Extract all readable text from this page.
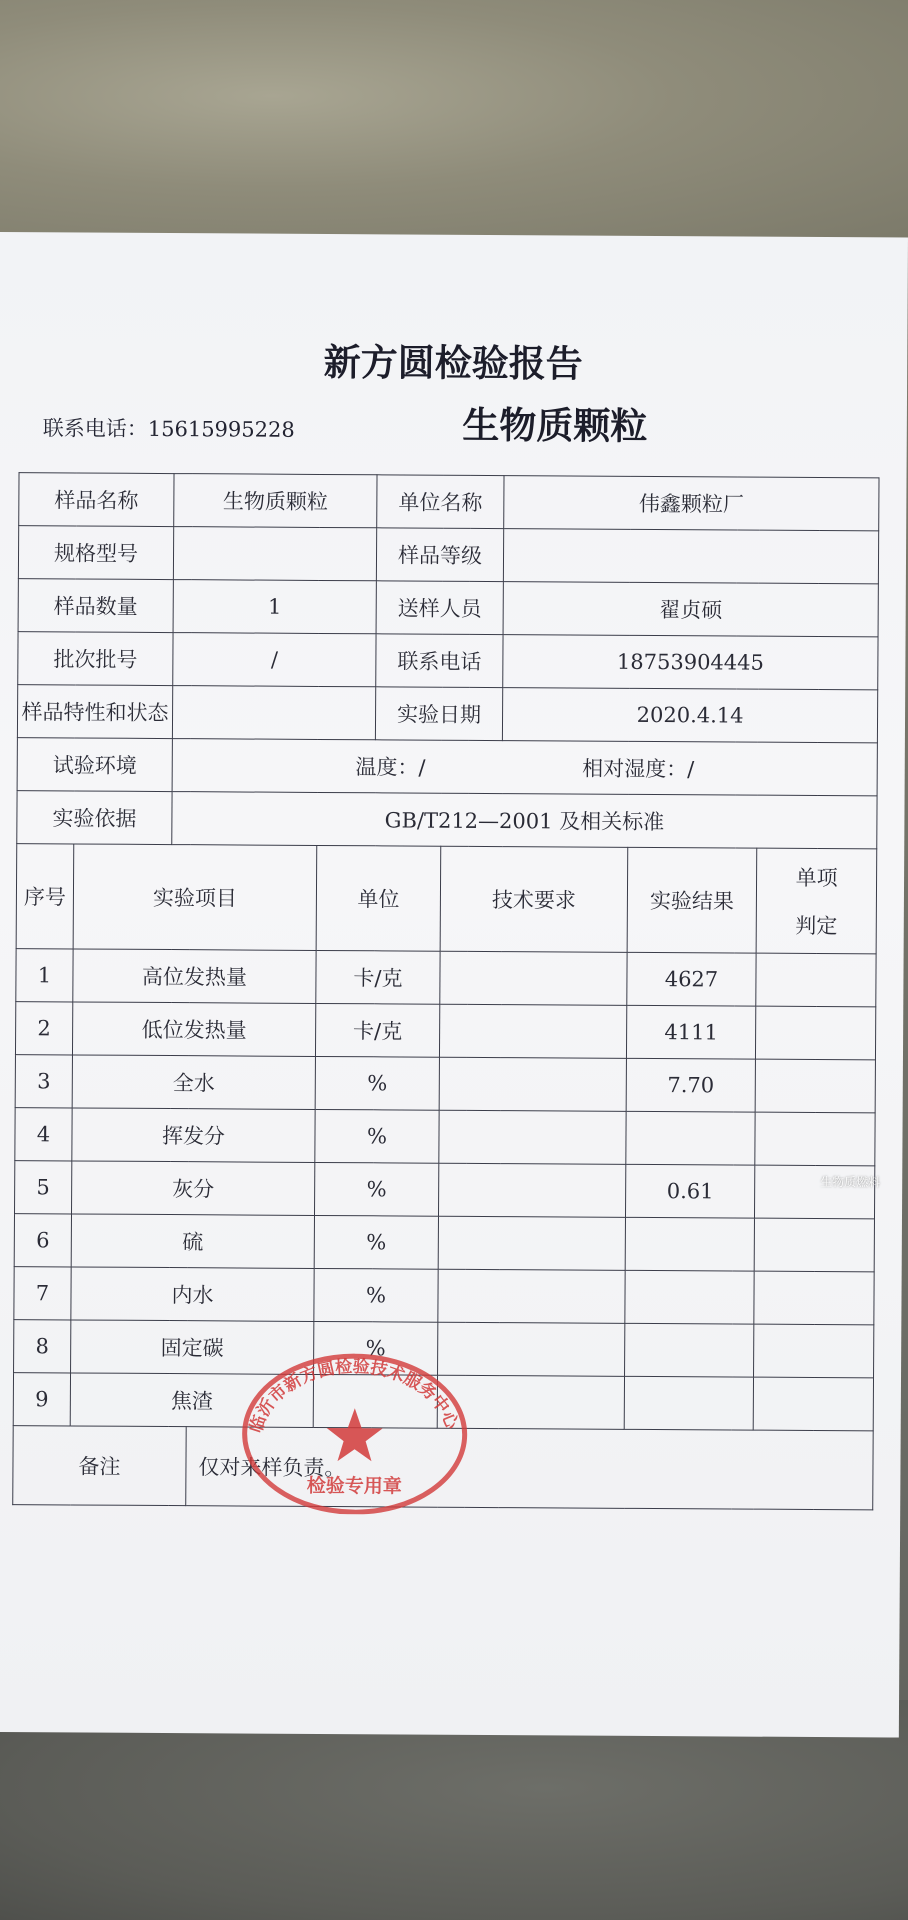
新方圆检验报告
生物质颗粒
联系电话：15615995228
样品名称		生物质颗粒			单位名称		伟鑫颗粒厂		
规格型号					样品等级				
样品数量		1			送样人员		翟贞硕		
批次批号		/			联系电话		18753904445		
样品特性和状态					实验日期		2020.4.14		
试验环境		温度：/ 相对湿度：/							
实验依据		GB/T212—2001 及相关标准							
序号	实验项目			单位		技术要求		实验结果	单项
判定

1	高位发热量			卡/克				4627	
2	低位发热量			卡/克				4111	
3	全水			%				7.70	
4	挥发分			%					
5	灰分			%				0.61	
6	硫			%					
7	内水			%					
8	固定碳			%					
9	焦渣								
备注			仅对来样负责。						
临沂市新方圆检验技术服务中心
检验专用章
生物质燃料
